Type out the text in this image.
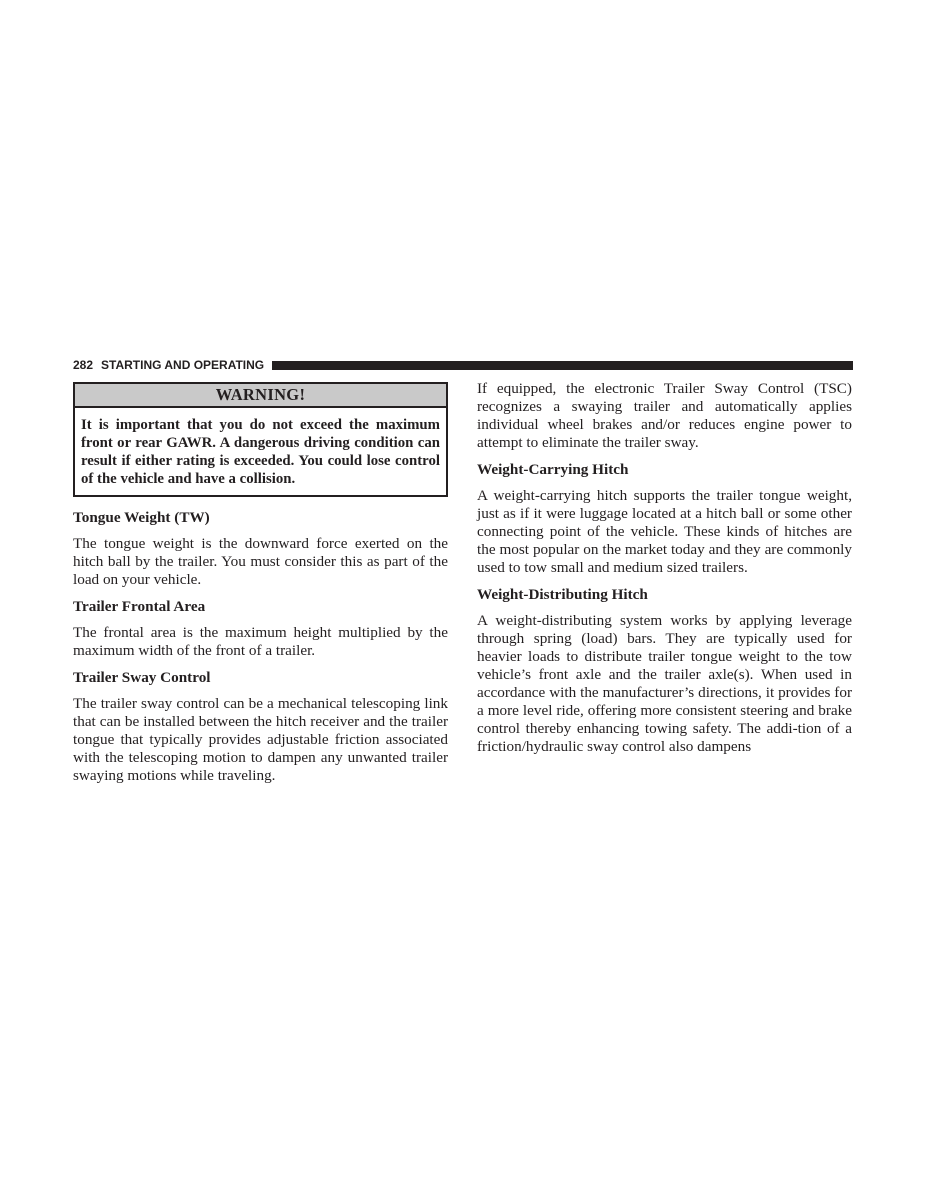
282 STARTING AND OPERATING
WARNING!
It is important that you do not exceed the maximum front or rear GAWR. A dangerous driving condition can result if either rating is exceeded. You could lose control of the vehicle and have a collision.
Tongue Weight (TW)

The tongue weight is the downward force exerted on the hitch ball by the trailer. You must consider this as part of the load on your vehicle.

Trailer Frontal Area

The frontal area is the maximum height multiplied by the maximum width of the front of a trailer.

Trailer Sway Control

The trailer sway control can be a mechanical telescoping link that can be installed between the hitch receiver and the trailer tongue that typically provides adjustable friction associated with the telescoping motion to dampen any unwanted trailer swaying motions while traveling.

If equipped, the electronic Trailer Sway Control (TSC) recognizes a swaying trailer and automatically applies individual wheel brakes and/or reduces engine power to attempt to eliminate the trailer sway.

Weight-Carrying Hitch

A weight-carrying hitch supports the trailer tongue weight, just as if it were luggage located at a hitch ball or some other connecting point of the vehicle. These kinds of hitches are the most popular on the market today and they are commonly used to tow small and medium sized trailers.

Weight-Distributing Hitch

A weight-distributing system works by applying leverage through spring (load) bars. They are typically used for heavier loads to distribute trailer tongue weight to the tow vehicle’s front axle and the trailer axle(s). When used in accordance with the manufacturer’s directions, it provides for a more level ride, offering more consistent steering and brake control thereby enhancing towing safety. The addi-tion of a friction/hydraulic sway control also dampens
